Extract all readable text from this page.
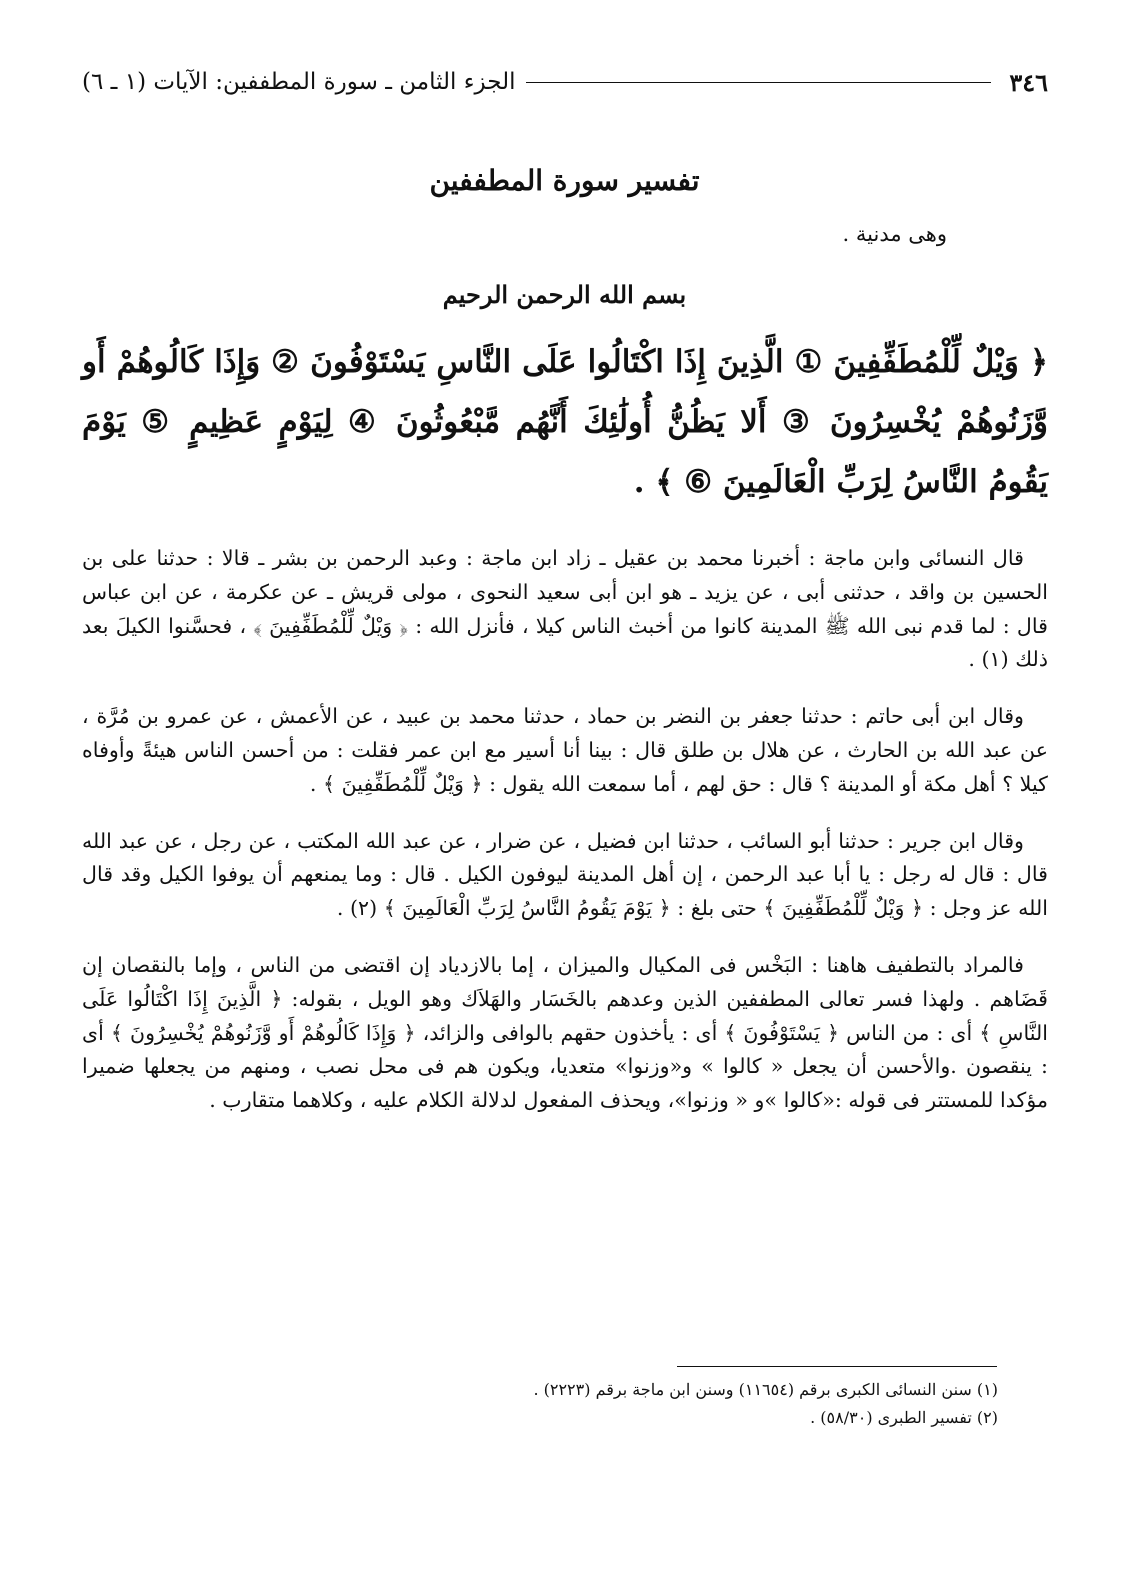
٣٤٦
الجزء الثامن ـ سورة المطففين: الآيات (١ ـ ٦)
تفسير سورة المطففين
وهى مدنية .
بسم الله الرحمن الرحيم
﴿ وَيْلٌ لِّلْمُطَفِّفِينَ ① الَّذِينَ إِذَا اكْتَالُوا عَلَى النَّاسِ يَسْتَوْفُونَ ② وَإِذَا كَالُوهُمْ أَو وَّزَنُوهُمْ يُخْسِرُونَ ③ أَلا يَظُنُّ أُولَٰئِكَ أَنَّهُم مَّبْعُوثُونَ ④ لِيَوْمٍ عَظِيمٍ ⑤ يَوْمَ يَقُومُ النَّاسُ لِرَبِّ الْعَالَمِينَ ⑥ ﴾ .

قال النسائى وابن ماجة : أخبرنا محمد بن عقيل ـ زاد ابن ماجة : وعبد الرحمن بن بشر ـ قالا : حدثنا على بن الحسين بن واقد ، حدثنى أبى ، عن يزيد ـ هو ابن أبى سعيد النحوى ، مولى قريش ـ عن عكرمة ، عن ابن عباس قال : لما قدم نبى الله ﷺ المدينة كانوا من أخبث الناس كيلا ، فأنزل الله : ﴿ وَيْلٌ لِّلْمُطَفِّفِينَ ﴾ ، فحسَّنوا الكيلَ بعد ذلك (١) .

وقال ابن أبى حاتم : حدثنا جعفر بن النضر بن حماد ، حدثنا محمد بن عبيد ، عن الأعمش ، عن عمرو بن مُرَّة ، عن عبد الله بن الحارث ، عن هلال بن طلق قال : بينا أنا أسير مع ابن عمر فقلت : من أحسن الناس هيئةً وأوفاه كيلا ؟ أهل مكة أو المدينة ؟ قال : حق لهم ، أما سمعت الله يقول : ﴿ وَيْلٌ لِّلْمُطَفِّفِينَ ﴾ .

وقال ابن جرير : حدثنا أبو السائب ، حدثنا ابن فضيل ، عن ضرار ، عن عبد الله المكتب ، عن رجل ، عن عبد الله قال : قال له رجل : يا أبا عبد الرحمن ، إن أهل المدينة ليوفون الكيل . قال : وما يمنعهم أن يوفوا الكيل وقد قال الله عز وجل : ﴿ وَيْلٌ لِّلْمُطَفِّفِينَ ﴾ حتى بلغ : ﴿ يَوْمَ يَقُومُ النَّاسُ لِرَبِّ الْعَالَمِينَ ﴾ (٢) .

فالمراد بالتطفيف هاهنا : البَخْس فى المكيال والميزان ، إما بالازدياد إن اقتضى من الناس ، وإما بالنقصان إن قَضَاهم . ولهذا فسر تعالى المطففين الذين وعدهم بالخَسَار والهَلاَك وهو الويل ، بقوله: ﴿ الَّذِينَ إِذَا اكْتَالُوا عَلَى النَّاسِ ﴾ أى : من الناس ﴿ يَسْتَوْفُونَ ﴾ أى : يأخذون حقهم بالوافى والزائد، ﴿ وَإِذَا كَالُوهُمْ أَو وَّزَنُوهُمْ يُخْسِرُونَ ﴾ أى : ينقصون .والأحسن أن يجعل « كالوا » و«وزنوا» متعديا، ويكون هم فى محل نصب ، ومنهم من يجعلها ضميرا مؤكدا للمستتر فى قوله :«كالوا »و « وزنوا»، ويحذف المفعول لدلالة الكلام عليه ، وكلاهما متقارب .

(١) سنن النسائى الكبرى برقم (١١٦٥٤) وسنن ابن ماجة برقم (٢٢٢٣) .
(٢) تفسير الطبرى (٥٨/٣٠) .
